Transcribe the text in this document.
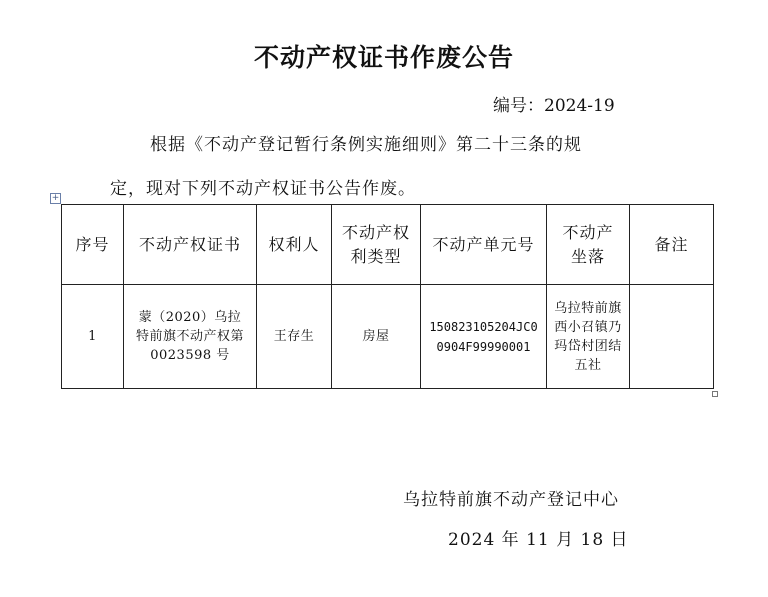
不动产权证书作废公告
编号：2024-19
根据《不动产登记暂行条例实施细则》第二十三条的规
定，现对下列不动产权证书公告作废。
+
序号	不动产权证书	权利人	不动产权利类型	不动产单元号	不动产坐落	备注
1	蒙（2020）乌拉特前旗不动产权第 0023598 号	王存生	房屋	150823105204JC00904F99990001	乌拉特前旗西小召镇乃玛岱村团结五社	
乌拉特前旗不动产登记中心
2024 年 11 月 18 日
